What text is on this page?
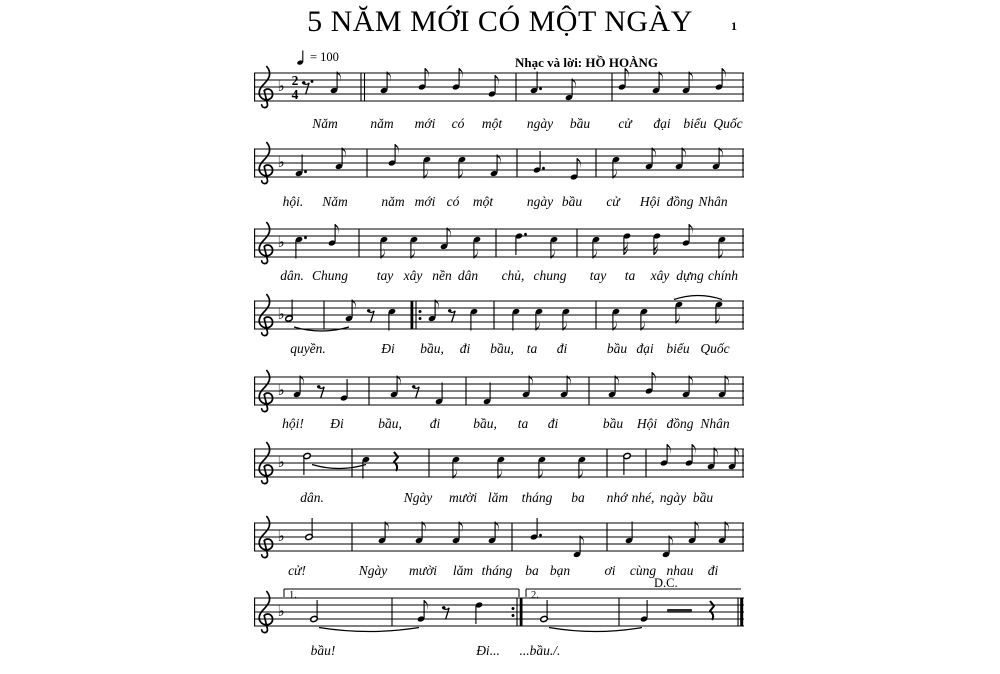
5 NĂM MỚI CÓ MỘT NGÀY	1
= 100	Nhạc và lời: HỒ HOÀNG
♭ 2
4
Năm năm mới có một ngày bầu cử đại biểu Quốc
♭
hội. Năm năm mới có một	ngày bầu cử Hội đồng Nhân
♭
dân. Chung tay xây nền dân chủ, chung tay ta xây dựng chính
♭
quyền.	Đi bầu, đi bầu, ta đi	bầu đại biểu Quốc
♭
hội! Đi	bầu, đi bầu, ta đi	bầu Hội đồng Nhân
♭
dân.	Ngày mười lăm tháng ba nhớ nhé, ngày bầu
♭
cử!	Ngày mười lăm tháng ba bạn	ơi cùng nhau đi
♭
1.	2.
D.C.
bầu!	Đi... ...bầu./.
